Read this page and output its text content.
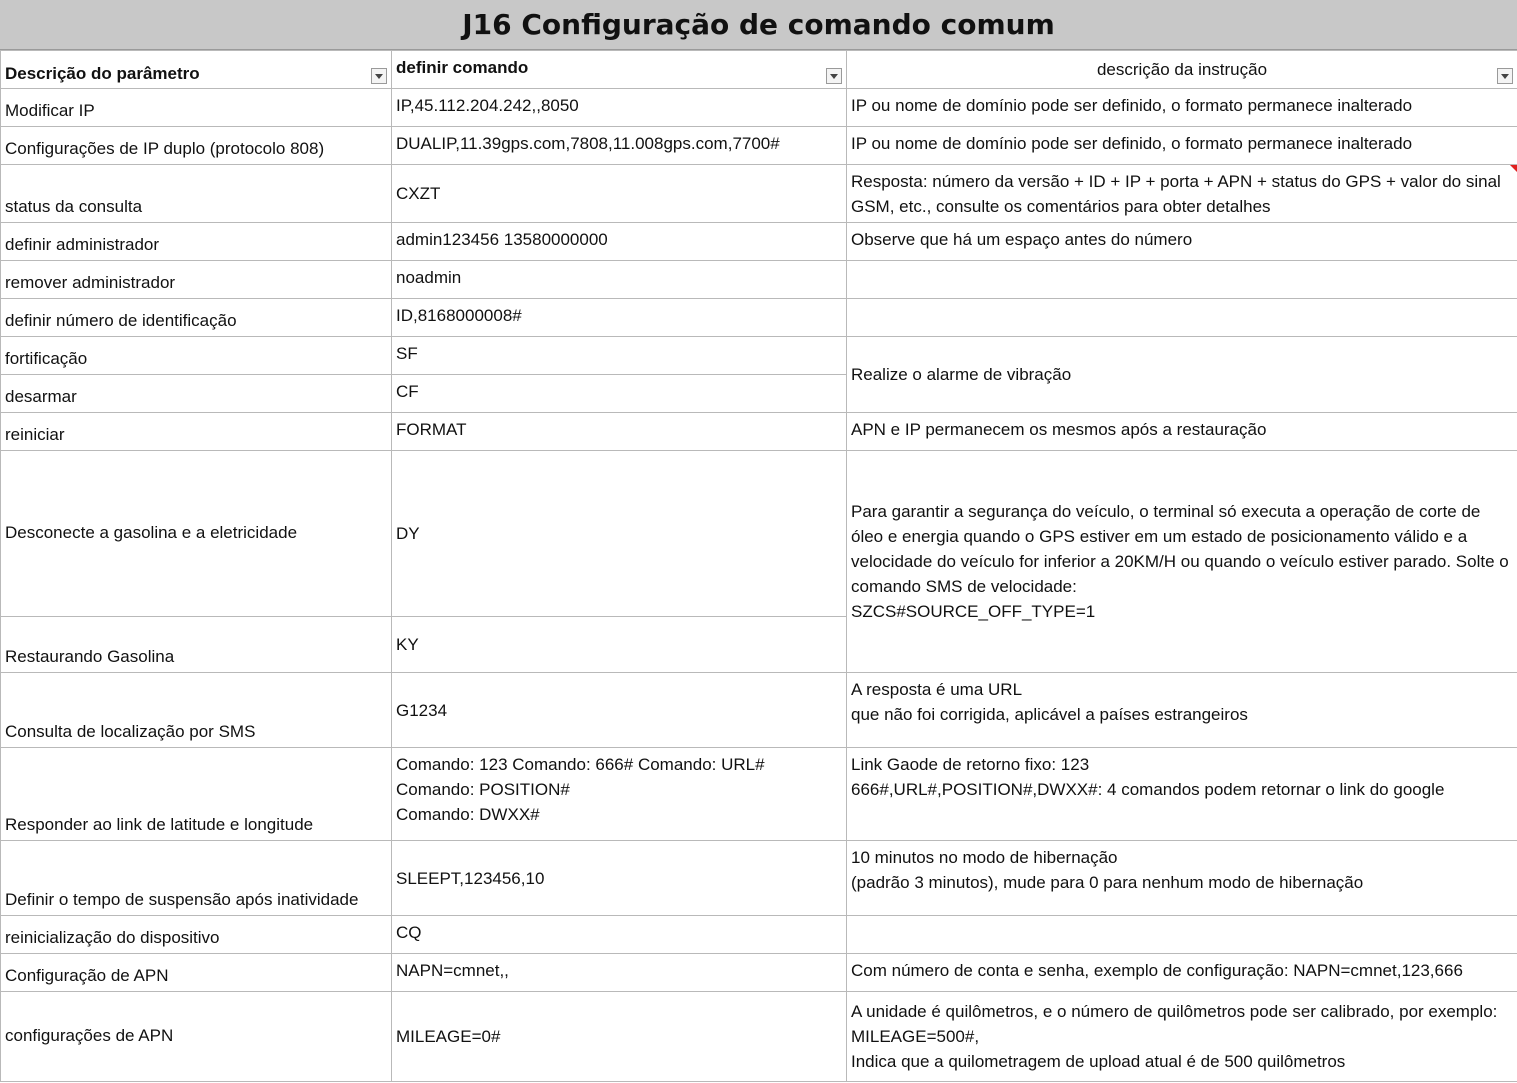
J16 Configuração de comando comum
Descrição do parâmetro	definir comando	descrição da instrução

Modificar IP	IP,45.112.204.242,,8050	IP ou nome de domínio pode ser definido, o formato permanece inalterado
Configurações de IP duplo (protocolo 808)	DUALIP,11.39gps.com,7808,11.008gps.com,7700#	IP ou nome de domínio pode ser definido, o formato permanece inalterado
status da consulta	CXZT	Resposta: número da versão + ID + IP + porta + APN + status do GPS + valor do sinal GSM, etc., consulte os comentários para obter detalhes

definir administrador	admin123456 13580000000	Observe que há um espaço antes do número
remover administrador	noadmin	
definir número de identificação	ID,8168000008#	
fortificação	SF	Realize o alarme de vibração
desarmar	CF	
reiniciar	FORMAT	APN e IP permanecem os mesmos após a restauração
Desconecte a gasolina e a eletricidade	DY	Para garantir a segurança do veículo, o terminal só executa a operação de corte de óleo e energia quando o GPS estiver em um estado de posicionamento válido e a velocidade do veículo for inferior a 20KM/H ou quando o veículo estiver parado. Solte o comando SMS de velocidade:
SZCS#SOURCE_OFF_TYPE=1
Restaurando Gasolina	KY	
Consulta de localização por SMS	G1234	A resposta é uma URL
que não foi corrigida, aplicável a países estrangeiros
Responder ao link de latitude e longitude	Comando: 123 Comando: 666# Comando: URL#
Comando: POSITION#
Comando: DWXX#	Link Gaode de retorno fixo: 123
666#,URL#,POSITION#,DWXX#: 4 comandos podem retornar o link do google
Definir o tempo de suspensão após inatividade	SLEEPT,123456,10	10 minutos no modo de hibernação
(padrão 3 minutos), mude para 0 para nenhum modo de hibernação
reinicialização do dispositivo	CQ	
Configuração de APN	NAPN=cmnet,,	Com número de conta e senha, exemplo de configuração: NAPN=cmnet,123,666
configurações de APN	MILEAGE=0#	A unidade é quilômetros, e o número de quilômetros pode ser calibrado, por exemplo: MILEAGE=500#,
Indica que a quilometragem de upload atual é de 500 quilômetros
